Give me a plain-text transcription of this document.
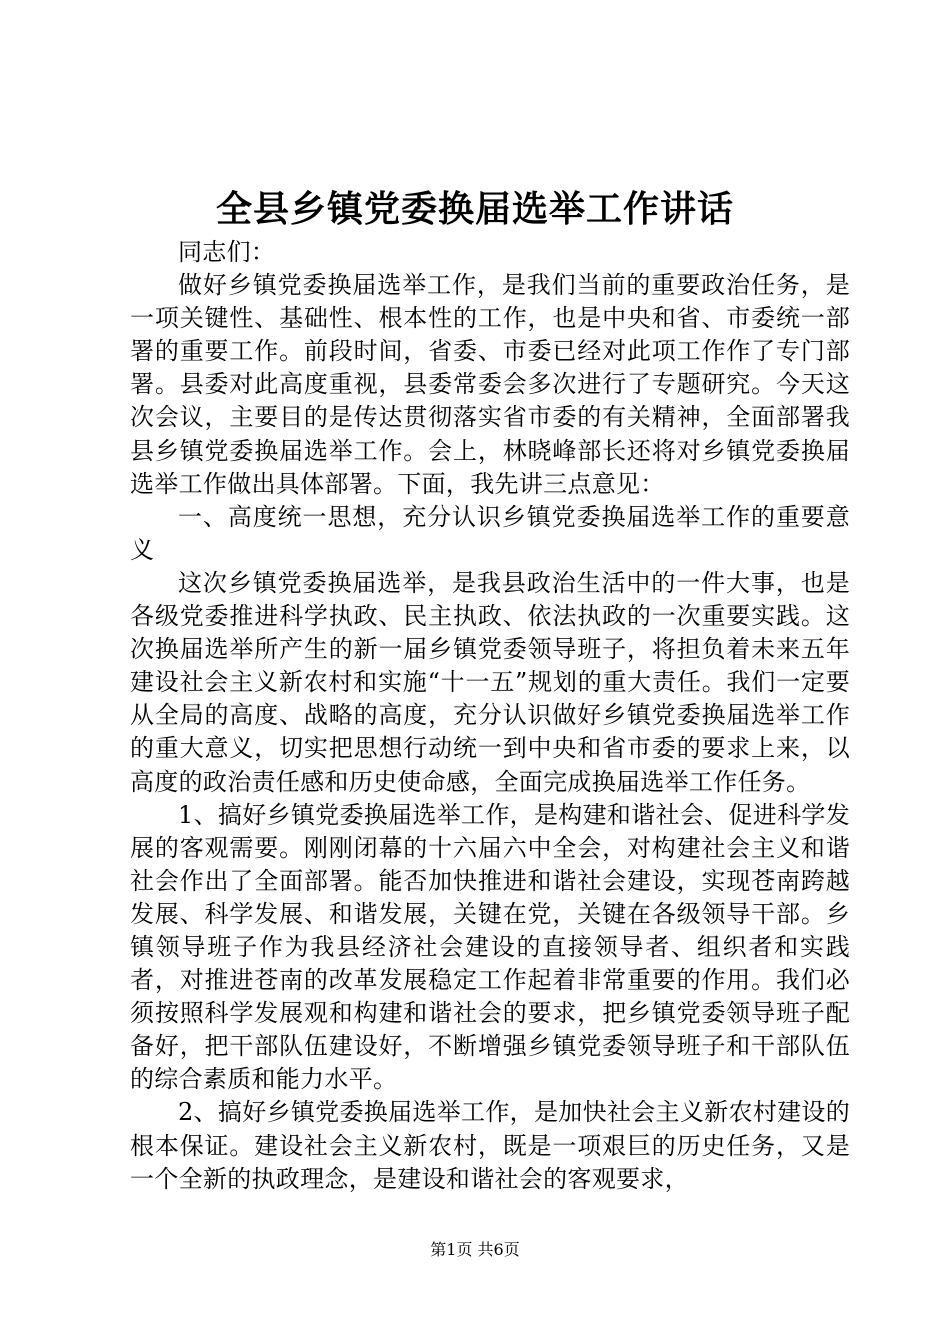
全县乡镇党委换届选举工作讲话

同志们：

做好乡镇党委换届选举工作，是我们当前的重要政治任务，是一项关键性、基础性、根本性的工作，也是中央和省、市委统一部署的重要工作。前段时间，省委、市委已经对此项工作作了专门部署。县委对此高度重视，县委常委会多次进行了专题研究。今天这次会议，主要目的是传达贯彻落实省市委的有关精神，全面部署我县乡镇党委换届选举工作。会上，林晓峰部长还将对乡镇党委换届选举工作做出具体部署。下面，我先讲三点意见：

一、高度统一思想，充分认识乡镇党委换届选举工作的重要意义

这次乡镇党委换届选举，是我县政治生活中的一件大事，也是各级党委推进科学执政、民主执政、依法执政的一次重要实践。这次换届选举所产生的新一届乡镇党委领导班子，将担负着未来五年建设社会主义新农村和实施“十一五”规划的重大责任。我们一定要从全局的高度、战略的高度，充分认识做好乡镇党委换届选举工作的重大意义，切实把思想行动统一到中央和省市委的要求上来，以高度的政治责任感和历史使命感，全面完成换届选举工作任务。

1、搞好乡镇党委换届选举工作，是构建和谐社会、促进科学发展的客观需要。刚刚闭幕的十六届六中全会，对构建社会主义和谐社会作出了全面部署。能否加快推进和谐社会建设，实现苍南跨越发展、科学发展、和谐发展，关键在党，关键在各级领导干部。乡镇领导班子作为我县经济社会建设的直接领导者、组织者和实践者，对推进苍南的改革发展稳定工作起着非常重要的作用。我们必须按照科学发展观和构建和谐社会的要求，把乡镇党委领导班子配备好，把干部队伍建设好，不断增强乡镇党委领导班子和干部队伍的综合素质和能力水平。

2、搞好乡镇党委换届选举工作，是加快社会主义新农村建设的根本保证。建设社会主义新农村，既是一项艰巨的历史任务，又是一个全新的执政理念，是建设和谐社会的客观要求，

第1页 共6页
